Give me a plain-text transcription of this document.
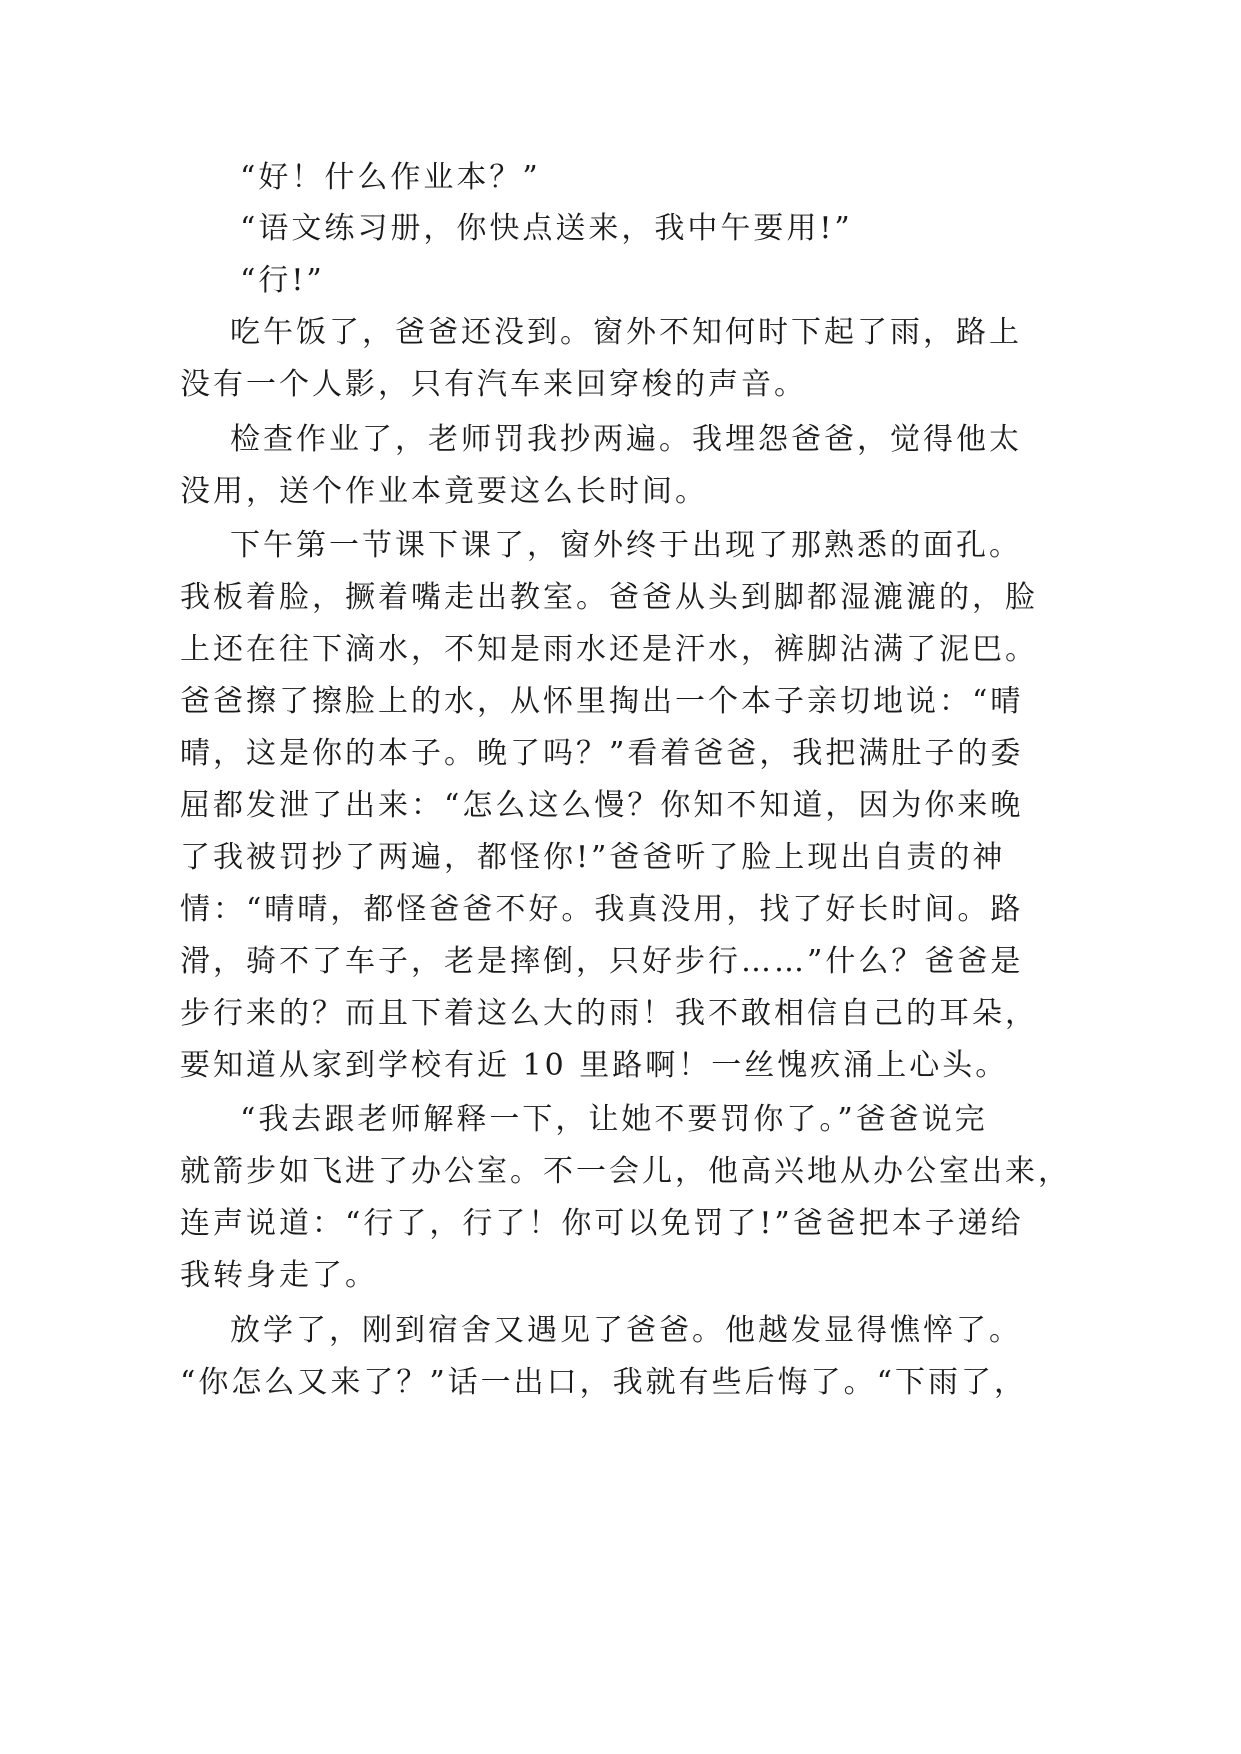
“好！什么作业本？”
“语文练习册，你快点送来，我中午要用!”
“行!”
吃午饭了，爸爸还没到。窗外不知何时下起了雨，路上
没有一个人影，只有汽车来回穿梭的声音。
检查作业了，老师罚我抄两遍。我埋怨爸爸，觉得他太
没用，送个作业本竟要这么长时间。
下午第一节课下课了，窗外终于出现了那熟悉的面孔。
我板着脸，撅着嘴走出教室。爸爸从头到脚都湿漉漉的，脸
上还在往下滴水，不知是雨水还是汗水，裤脚沾满了泥巴。
爸爸擦了擦脸上的水，从怀里掏出一个本子亲切地说：“晴
晴，这是你的本子。晚了吗？”看着爸爸，我把满肚子的委
屈都发泄了出来：“怎么这么慢？你知不知道，因为你来晚
了我被罚抄了两遍，都怪你!”爸爸听了脸上现出自责的神
情：“晴晴，都怪爸爸不好。我真没用，找了好长时间。路
滑，骑不了车子，老是摔倒，只好步行……”什么？爸爸是
步行来的？而且下着这么大的雨！我不敢相信自己的耳朵，
要知道从家到学校有近 10 里路啊！一丝愧疚涌上心头。
“我去跟老师解释一下，让她不要罚你了。”爸爸说完
就箭步如飞进了办公室。不一会儿，他高兴地从办公室出来，
连声说道：“行了，行了！你可以免罚了!”爸爸把本子递给
我转身走了。
放学了，刚到宿舍又遇见了爸爸。他越发显得憔悴了。
“你怎么又来了？”话一出口，我就有些后悔了。“下雨了，
